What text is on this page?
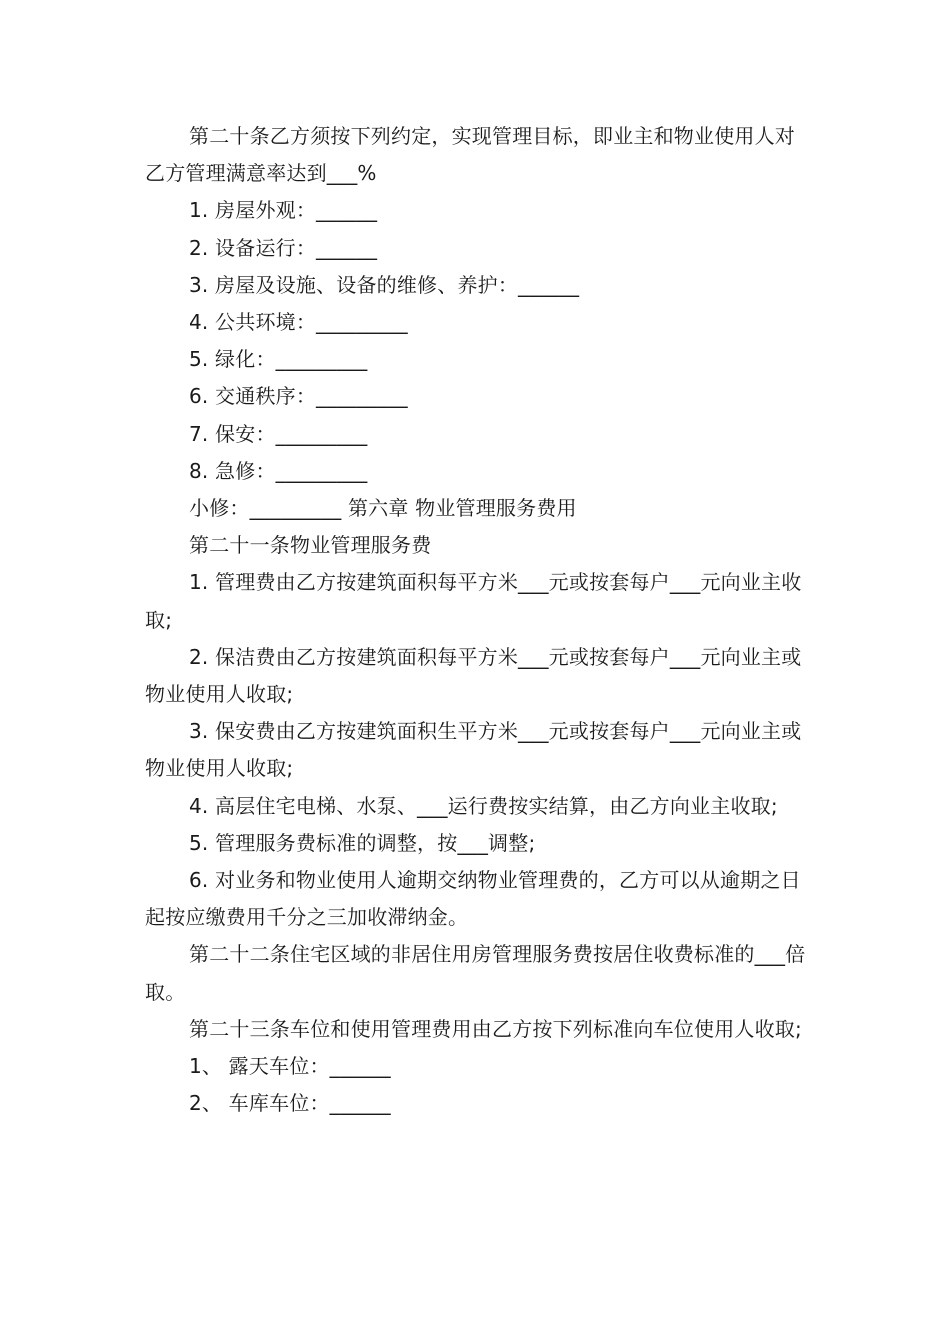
第二十条乙方须按下列约定，实现管理目标，即业主和物业使用人对乙方管理满意率达到___%

1. 房屋外观：______

2. 设备运行：______

3. 房屋及设施、设备的维修、养护：______

4. 公共环境：_________

5. 绿化：_________

6. 交通秩序：_________

7. 保安：_________

8. 急修：_________

小修：_________ 第六章 物业管理服务费用

第二十一条物业管理服务费

1. 管理费由乙方按建筑面积每平方米___元或按套每户___元向业主收取;

2. 保洁费由乙方按建筑面积每平方米___元或按套每户___元向业主或物业使用人收取;

3. 保安费由乙方按建筑面积生平方米___元或按套每户___元向业主或物业使用人收取;

4. 高层住宅电梯、水泵、___运行费按实结算，由乙方向业主收取;

5. 管理服务费标准的调整，按___调整;

6. 对业务和物业使用人逾期交纳物业管理费的，乙方可以从逾期之日起按应缴费用千分之三加收滞纳金。

第二十二条住宅区域的非居住用房管理服务费按居住收费标准的___倍取。

第二十三条车位和使用管理费用由乙方按下列标准向车位使用人收取;

1、 露天车位：______

2、 车库车位：______
